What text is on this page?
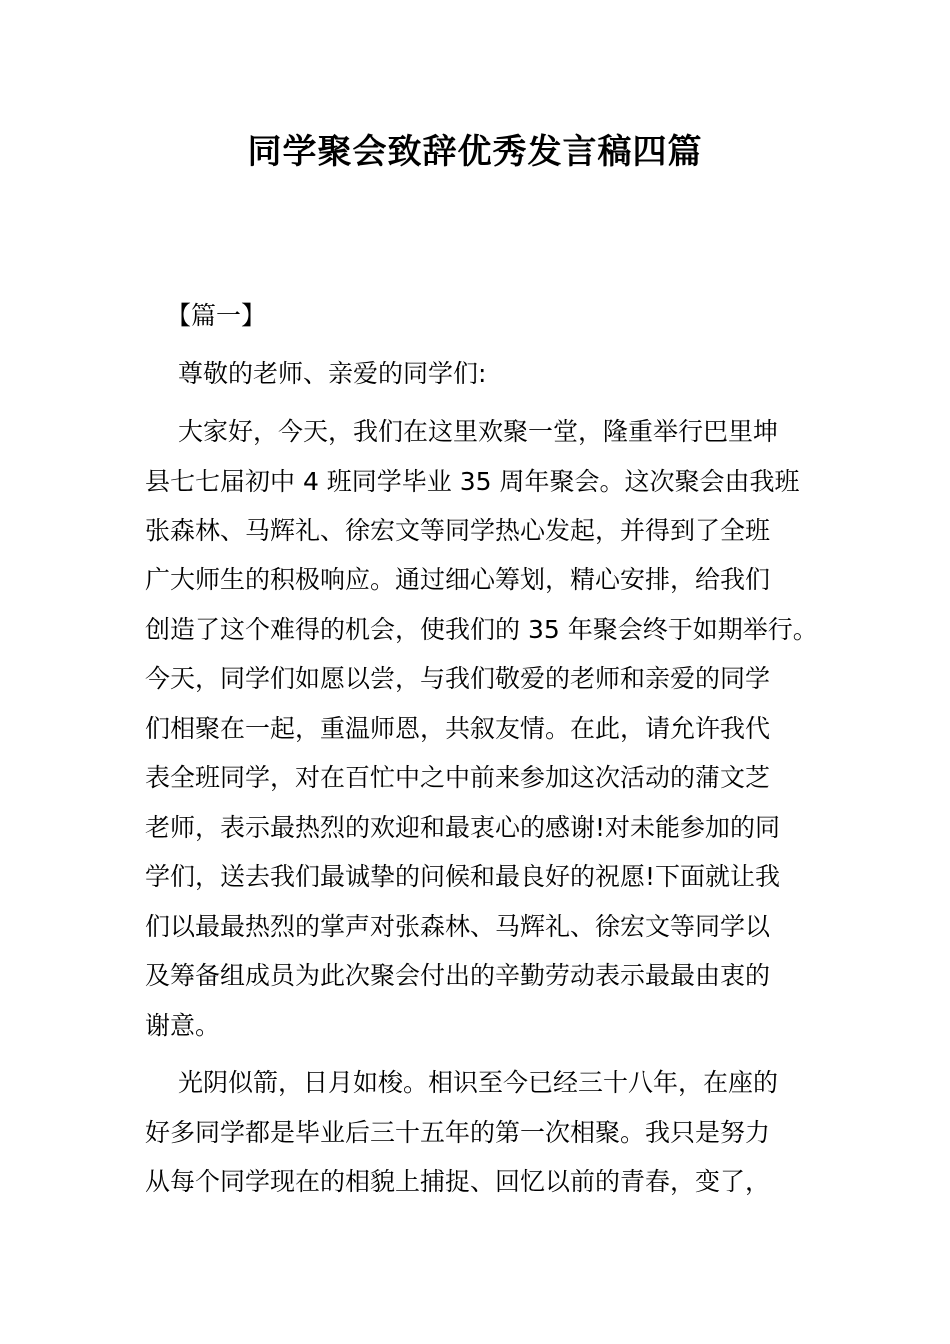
同学聚会致辞优秀发言稿四篇

【篇一】

尊敬的老师、亲爱的同学们:

大家好，今天，我们在这里欢聚一堂，隆重举行巴里坤

县七七届初中 4 班同学毕业 35 周年聚会。这次聚会由我班

张森林、马辉礼、徐宏文等同学热心发起，并得到了全班

广大师生的积极响应。通过细心筹划，精心安排，给我们

创造了这个难得的机会，使我们的 35 年聚会终于如期举行。

今天，同学们如愿以尝，与我们敬爱的老师和亲爱的同学

们相聚在一起，重温师恩，共叙友情。在此，请允许我代

表全班同学，对在百忙中之中前来参加这次活动的蒲文芝

老师，表示最热烈的欢迎和最衷心的感谢!对未能参加的同

学们，送去我们最诚挚的问候和最良好的祝愿!下面就让我

们以最最热烈的掌声对张森林、马辉礼、徐宏文等同学以

及筹备组成员为此次聚会付出的辛勤劳动表示最最由衷的

谢意。

光阴似箭，日月如梭。相识至今已经三十八年，在座的

好多同学都是毕业后三十五年的第一次相聚。我只是努力

从每个同学现在的相貌上捕捉、回忆以前的青春，变了，
